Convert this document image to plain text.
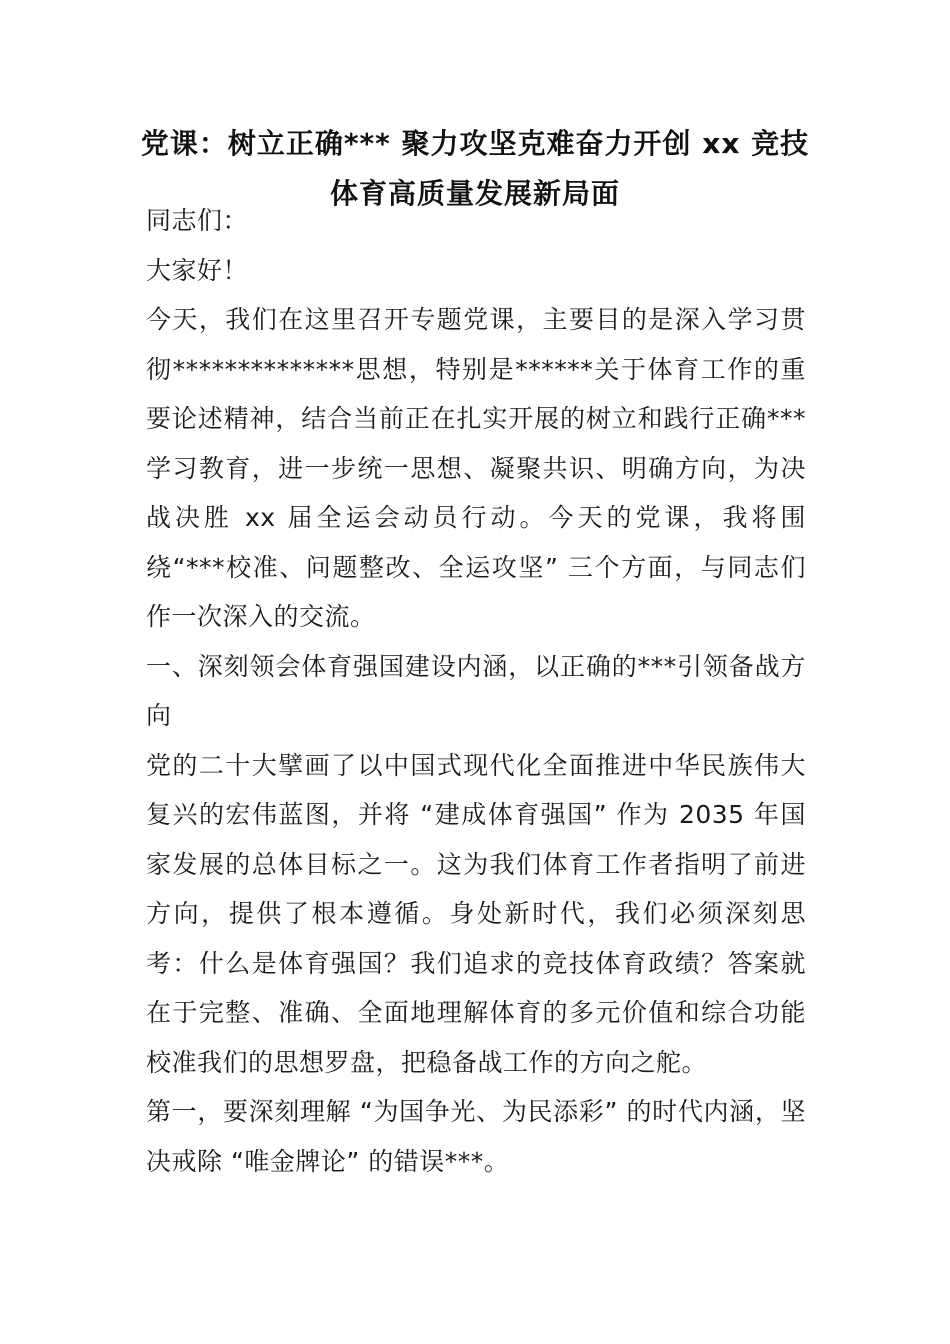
党课：树立正确*** 聚力攻坚克难奋力开创 xx 竞技
体育高质量发展新局面

同志们：

大家好！

今天，我们在这里召开专题党课，主要目的是深入学习贯彻**************思想，特别是******关于体育工作的重要论述精神，结合当前正在扎实开展的树立和践行正确***学习教育，进一步统一思想、凝聚共识、明确方向，为决战决胜 xx 届全运会动员行动。今天的党课，我将围绕“***校准、问题整改、全运攻坚” 三个方面，与同志们作一次深入的交流。

一、深刻领会体育强国建设内涵，以正确的***引领备战方向

党的二十大擘画了以中国式现代化全面推进中华民族伟大复兴的宏伟蓝图，并将 “建成体育强国” 作为 2035 年国家发展的总体目标之一。这为我们体育工作者指明了前进方向，提供了根本遵循。身处新时代，我们必须深刻思考：什么是体育强国？我们追求的竞技体育政绩？答案就在于完整、准确、全面地理解体育的多元价值和综合功能校准我们的思想罗盘，把稳备战工作的方向之舵。

第一，要深刻理解 “为国争光、为民添彩” 的时代内涵，坚决戒除 “唯金牌论” 的错误***。
